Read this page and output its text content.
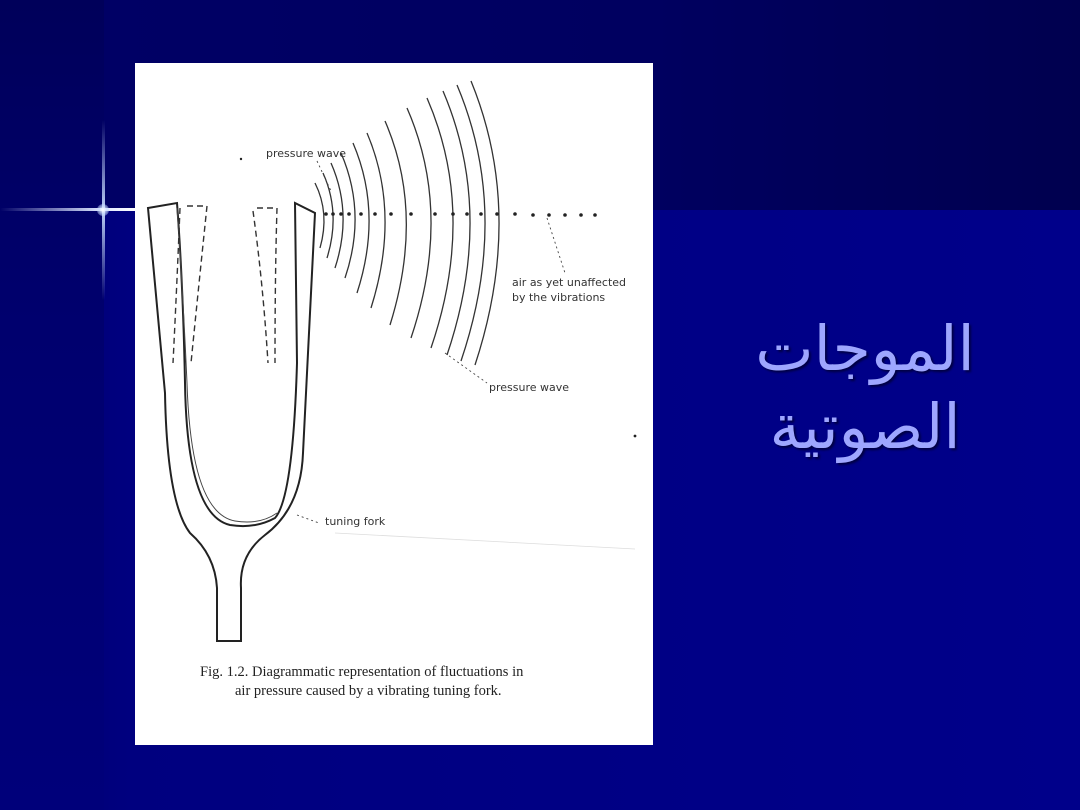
pressure wave
air as yet unaffected
by the vibrations
pressure wave
tuning fork
Fig. 1.2. Diagrammatic representation of fluctuations in
air pressure caused by a vibrating tuning fork.
الموجات
الصوتية
